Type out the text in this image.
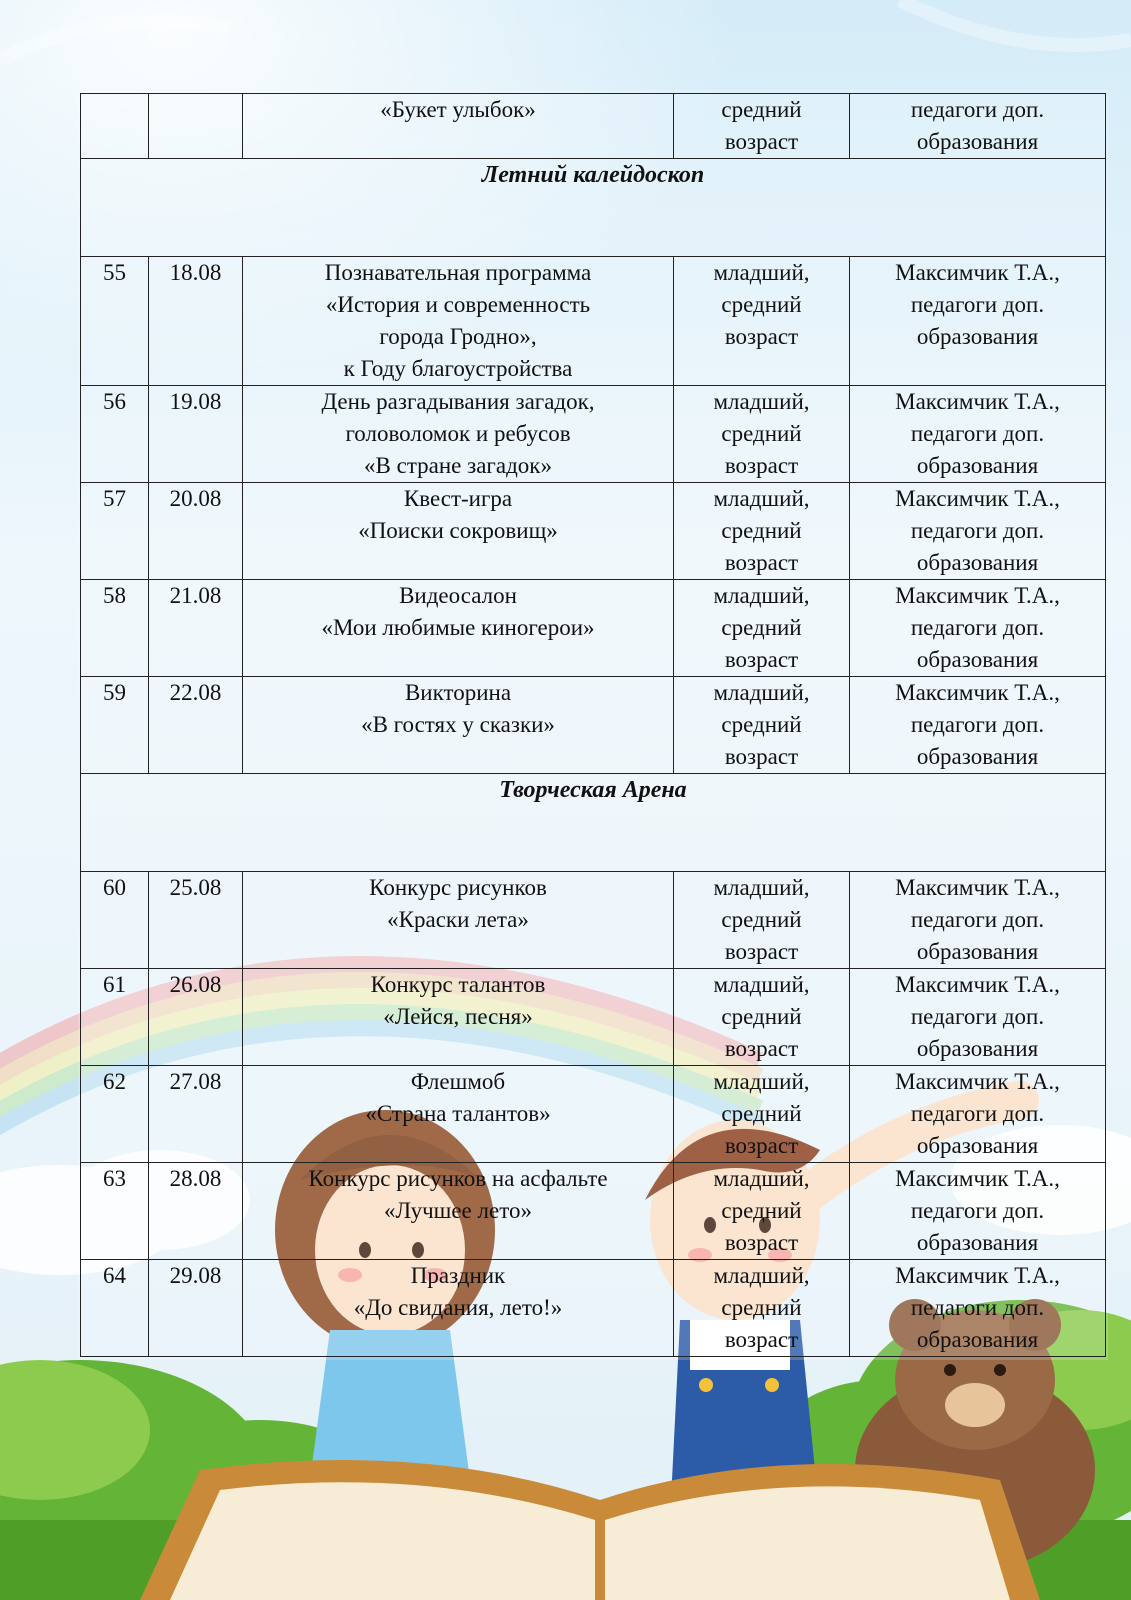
		«Букет улыбок»	средний
возраст	педагоги доп.
образования

Летний калейдоскоп				
55	18.08	Познавательная программа
«История и современность
города Гродно»,
к Году благоустройства	младший,
средний
возраст	Максимчик Т.А.,
педагоги доп.
образования

56	19.08	День разгадывания загадок,
головоломок и ребусов
«В стране загадок»	младший,
средний
возраст	Максимчик Т.А.,
педагоги доп.
образования

57	20.08	Квест-игра
«Поиски сокровищ»	младший,
средний
возраст	Максимчик Т.А.,
педагоги доп.
образования

58	21.08	Видеосалон
«Мои любимые киногерои»	младший,
средний
возраст	Максимчик Т.А.,
педагоги доп.
образования

59	22.08	Викторина
«В гостях у сказки»	младший,
средний
возраст	Максимчик Т.А.,
педагоги доп.
образования

Творческая Арена				
60	25.08	Конкурс рисунков
«Краски лета»	младший,
средний
возраст	Максимчик Т.А.,
педагоги доп.
образования

61	26.08	Конкурс талантов
«Лейся, песня»	младший,
средний
возраст	Максимчик Т.А.,
педагоги доп.
образования

62	27.08	Флешмоб
«Страна талантов»	младший,
средний
возраст	Максимчик Т.А.,
педагоги доп.
образования

63	28.08	Конкурс рисунков на асфальте
«Лучшее лето»	младший,
средний
возраст	Максимчик Т.А.,
педагоги доп.
образования

64	29.08	Праздник
«До свидания, лето!»	младший,
средний
возраст	Максимчик Т.А.,
педагоги доп.
образования
